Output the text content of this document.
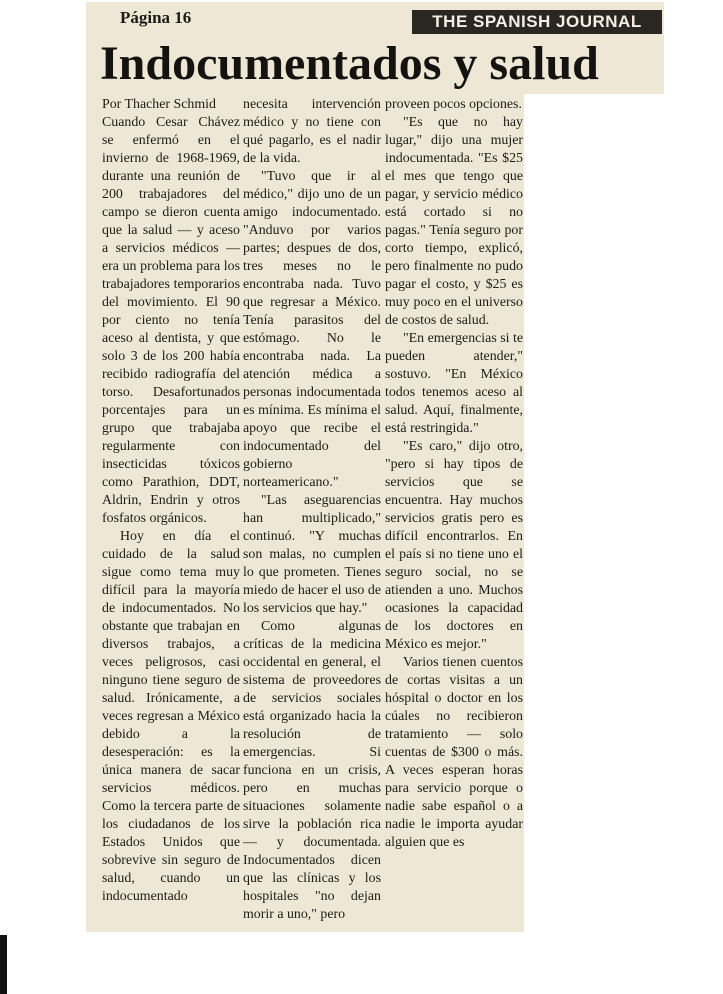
Página 16	THE SPANISH JOURNAL
Indocumentados y salud

Por Thacher Schmid

Cuando Cesar Chávez se enfermó en el invierno de 1968-1969, durante una reunión de 200 trabajadores del campo se dieron cuenta que la salud — y aceso a servicios médicos — era un problema para los trabajadores temporarios del movimiento. El 90 por ciento no tenía aceso al dentista, y que solo 3 de los 200 había recibido radiografía del torso. Desafortunados porcentajes para un grupo que trabajaba regularmente con insecticidas tóxicos como Parathion, DDT, Aldrin, Endrin y otros fosfatos orgánicos.

Hoy en día el cuidado de la salud sigue como tema muy difícil para la mayoría de indocumentados. No obstante que trabajan en diversos trabajos, a veces peligrosos, casi ninguno tiene seguro de salud. Irónicamente, a veces regresan a México debido a la desesperación: es la única manera de sacar servicios médicos. Como la tercera parte de los ciudadanos de los Estados Unidos que sobrevive sin seguro de salud, cuando un indocumentado

necesita intervención médico y no tiene con qué pagarlo, es el nadir de la vida.

"Tuvo que ir al médico," dijo uno de un amigo indocumentado. "Anduvo por varios partes; despues de dos, tres meses no le encontraba nada. Tuvo que regresar a México. Tenía parasitos del estómago. No le encontraba nada. La atención médica a personas indocumentada es mínima. Es mínima el apoyo que recibe el indocumentado del gobierno norteamericano."

"Las aseguarencias han multiplicado," continuó. "Y muchas son malas, no cumplen lo que prometen. Tienes miedo de hacer el uso de los servicios que hay."

Como algunas críticas de la medicina occidental en general, el sistema de proveedores de servicios sociales está organizado hacia la resolución de emergencias. Si funciona en un crisis, pero en muchas situaciones solamente sirve la población rica — y documentada. Indocumentados dicen que las clínicas y los hospitales "no dejan morir a uno," pero

proveen pocos opciones.

"Es que no hay lugar," dijo una mujer indocumentada. "Es $25 el mes que tengo que pagar, y servicio médico está cortado si no pagas." Tenía seguro por corto tiempo, explicó, pero finalmente no pudo pagar el costo, y $25 es muy poco en el universo de costos de salud.

"En emergencias si te pueden atender," sostuvo. "En México todos tenemos aceso al salud. Aquí, finalmente, está restringida."

"Es caro," dijo otro, "pero si hay tipos de servicios que se encuentra. Hay muchos servicios gratis pero es difícil encontrarlos. En el país si no tiene uno el seguro social, no se atienden a uno. Muchos ocasiones la capacidad de los doctores en México es mejor."

Varios tienen cuentos de cortas visitas a un hóspital o doctor en los cúales no recibieron tratamiento — solo cuentas de $300 o más. A veces esperan horas para servicio porque o nadie sabe español o a nadie le importa ayudar alguien que es
